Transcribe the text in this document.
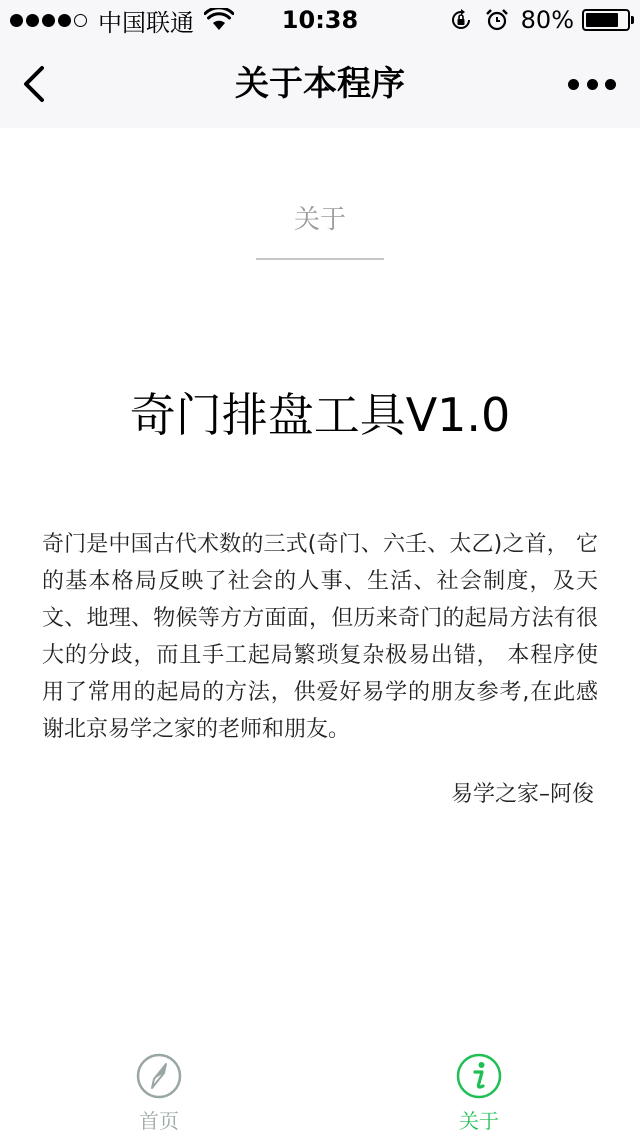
中国联通	10:38	80%
关于本程序
关于
奇门排盘工具V1.0
奇门是中国古代术数的三式(奇门、六壬、太乙)之首， 它的基本格局反映了社会的人事、生活、社会制度，及天文、地理、物候等方方面面，但历来奇门的起局方法有很大的分歧，而且手工起局繁琐复杂极易出错， 本程序使用了常用的起局的方法，供爱好易学的朋友参考,在此感谢北京易学之家的老师和朋友。
易学之家–阿俊
首页	关于
